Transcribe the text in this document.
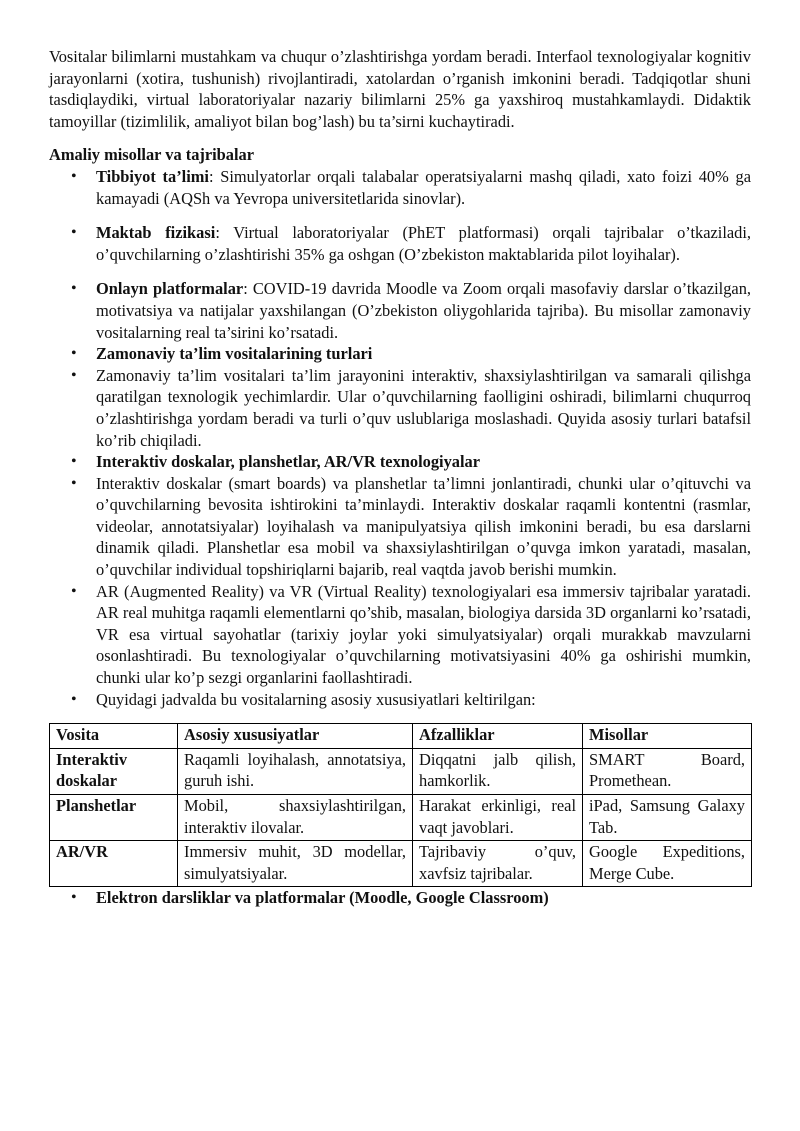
Vositalar bilimlarni mustahkam va chuqur o’zlashtirishga yordam beradi. Interfaol texnologiyalar kognitiv jarayonlarni (xotira, tushunish) rivojlantiradi, xatolardan o’rganish imkonini beradi. Tadqiqotlar shuni tasdiqlaydiki, virtual laboratoriyalar nazariy bilimlarni 25% ga yaxshiroq mustahkamlaydi. Didaktik tamoyillar (tizimlilik, amaliyot bilan bog’lash) bu ta’sirni kuchaytiradi.

Amaliy misollar va tajribalar
• Tibbiyot ta’limi: Simulyatorlar orqali talabalar operatsiyalarni mashq qiladi, xato foizi 40% ga kamayadi (AQSh va Yevropa universitetlarida sinovlar).
• Maktab fizikasi: Virtual laboratoriyalar (PhET platformasi) orqali tajribalar o’tkaziladi, o’quvchilarning o’zlashtirishi 35% ga oshgan (O’zbekiston maktablarida pilot loyihalar).
• Onlayn platformalar: COVID-19 davrida Moodle va Zoom orqali masofaviy darslar o’tkazilgan, motivatsiya va natijalar yaxshilangan (O’zbekiston oliygohlarida tajriba). Bu misollar zamonaviy vositalarning real ta’sirini ko’rsatadi.
• Zamonaviy ta’lim vositalarining turlari
• Zamonaviy ta’lim vositalari ta’lim jarayonini interaktiv, shaxsiylashtirilgan va samarali qilishga qaratilgan texnologik yechimlardir. Ular o’quvchilarning faolligini oshiradi, bilimlarni chuqurroq o’zlashtirishga yordam beradi va turli o’quv uslublariga moslashadi. Quyida asosiy turlari batafsil ko’rib chiqiladi.
• Interaktiv doskalar, planshetlar, AR/VR texnologiyalar
• Interaktiv doskalar (smart boards) va planshetlar ta’limni jonlantiradi, chunki ular o’qituvchi va o’quvchilarning bevosita ishtirokini ta’minlaydi. Interaktiv doskalar raqamli kontentni (rasmlar, videolar, annotatsiyalar) loyihalash va manipulyatsiya qilish imkonini beradi, bu esa darslarni dinamik qiladi. Planshetlar esa mobil va shaxsiylashtirilgan o’quvga imkon yaratadi, masalan, o’quvchilar individual topshiriqlarni bajarib, real vaqtda javob berishi mumkin.
• AR (Augmented Reality) va VR (Virtual Reality) texnologiyalari esa immersiv tajribalar yaratadi. AR real muhitga raqamli elementlarni qo’shib, masalan, biologiya darsida 3D organlarni ko’rsatadi, VR esa virtual sayohatlar (tarixiy joylar yoki simulyatsiyalar) orqali murakkab mavzularni osonlashtiradi. Bu texnologiyalar o’quvchilarning motivatsiyasini 40% ga oshirishi mumkin, chunki ular ko’p sezgi organlarini faollashtiradi.
• Quyidagi jadvalda bu vositalarning asosiy xususiyatlari keltirilgan:
Vosita	Asosiy xususiyatlar	Afzalliklar	Misollar
Interaktiv doskalar	Raqamli loyihalash, annotatsiya, guruh ishi.	Diqqatni jalb qilish, hamkorlik.	SMART Board, Promethean.
Planshetlar	Mobil, shaxsiylashtirilgan, interaktiv ilovalar.	Harakat erkinligi, real vaqt javoblari.	iPad, Samsung Galaxy Tab.
AR/VR	Immersiv muhit, 3D modellar, simulyatsiyalar.	Tajribaviy o’quv, xavfsiz tajribalar.	Google Expeditions, Merge Cube.
• Elektron darsliklar va platformalar (Moodle, Google Classroom)
